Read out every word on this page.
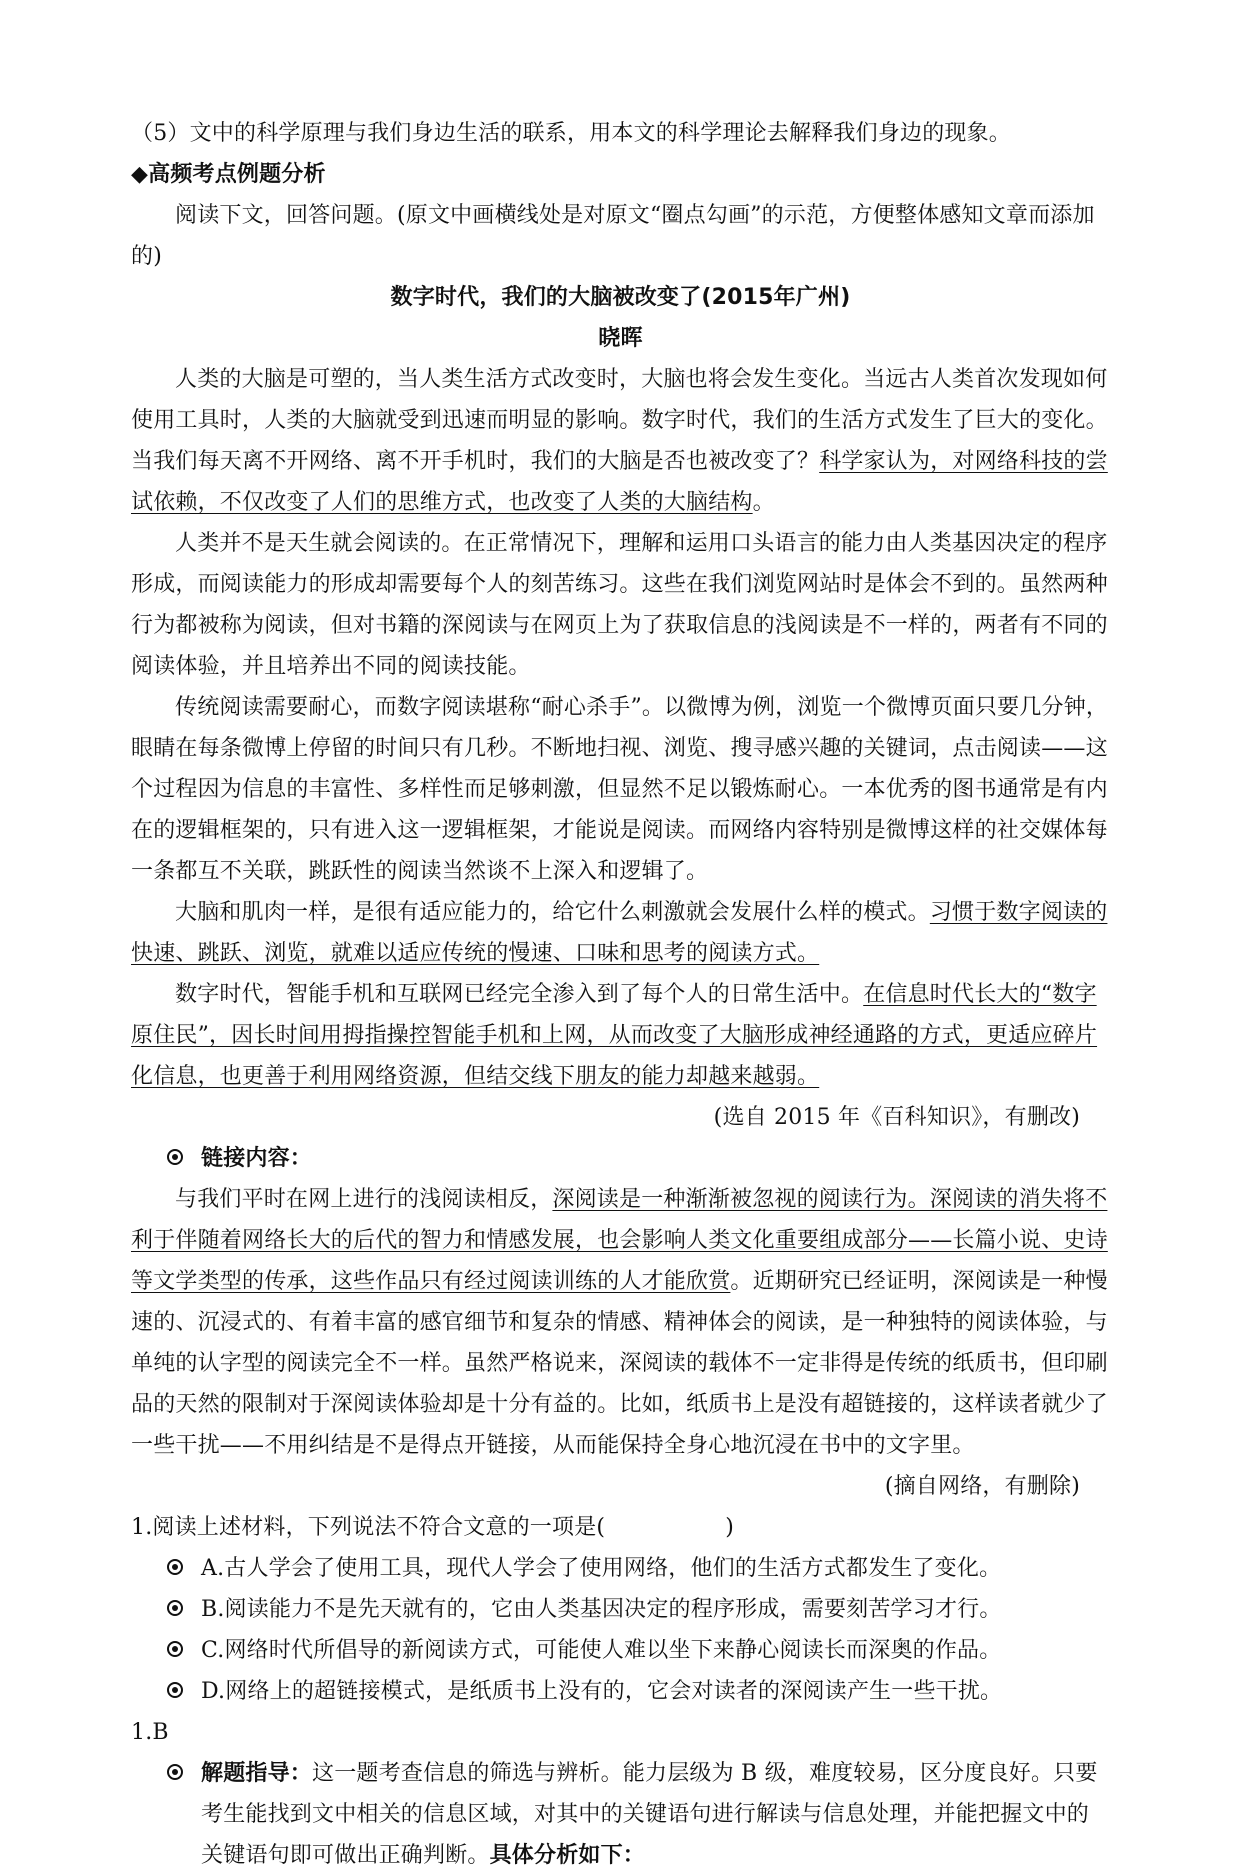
（5）文中的科学原理与我们身边生活的联系，用本文的科学理论去解释我们身边的现象。

◆高频考点例题分析

阅读下文，回答问题。(原文中画横线处是对原文“圈点勾画”的示范，方便整体感知文章而添加的)

数字时代，我们的大脑被改变了(2015年广州)

晓晖

人类的大脑是可塑的，当人类生活方式改变时，大脑也将会发生变化。当远古人类首次发现如何使用工具时，人类的大脑就受到迅速而明显的影响。数字时代，我们的生活方式发生了巨大的变化。当我们每天离不开网络、离不开手机时，我们的大脑是否也被改变了？科学家认为，对网络科技的尝试依赖，不仅改变了人们的思维方式，也改变了人类的大脑结构。

人类并不是天生就会阅读的。在正常情况下，理解和运用口头语言的能力由人类基因决定的程序形成，而阅读能力的形成却需要每个人的刻苦练习。这些在我们浏览网站时是体会不到的。虽然两种行为都被称为阅读，但对书籍的深阅读与在网页上为了获取信息的浅阅读是不一样的，两者有不同的阅读体验，并且培养出不同的阅读技能。

传统阅读需要耐心，而数字阅读堪称“耐心杀手”。以微博为例，浏览一个微博页面只要几分钟，眼睛在每条微博上停留的时间只有几秒。不断地扫视、浏览、搜寻感兴趣的关键词，点击阅读——这个过程因为信息的丰富性、多样性而足够刺激，但显然不足以锻炼耐心。一本优秀的图书通常是有内在的逻辑框架的，只有进入这一逻辑框架，才能说是阅读。而网络内容特别是微博这样的社交媒体每一条都互不关联，跳跃性的阅读当然谈不上深入和逻辑了。

大脑和肌肉一样，是很有适应能力的，给它什么刺激就会发展什么样的模式。习惯于数字阅读的快速、跳跃、浏览，就难以适应传统的慢速、口味和思考的阅读方式。

数字时代，智能手机和互联网已经完全渗入到了每个人的日常生活中。在信息时代长大的“数字原住民”，因长时间用拇指操控智能手机和上网，从而改变了大脑形成神经通路的方式，更适应碎片化信息，也更善于利用网络资源，但结交线下朋友的能力却越来越弱。

(选自 2015 年《百科知识》，有删改)

链接内容：

与我们平时在网上进行的浅阅读相反，深阅读是一种渐渐被忽视的阅读行为。深阅读的消失将不利于伴随着网络长大的后代的智力和情感发展，也会影响人类文化重要组成部分——长篇小说、史诗等文学类型的传承，这些作品只有经过阅读训练的人才能欣赏。近期研究已经证明，深阅读是一种慢速的、沉浸式的、有着丰富的感官细节和复杂的情感、精神体会的阅读，是一种独特的阅读体验，与单纯的认字型的阅读完全不一样。虽然严格说来，深阅读的载体不一定非得是传统的纸质书，但印刷品的天然的限制对于深阅读体验却是十分有益的。比如，纸质书上是没有超链接的，这样读者就少了一些干扰——不用纠结是不是得点开链接，从而能保持全身心地沉浸在书中的文字里。

(摘自网络，有删除)

1.阅读上述材料，下列说法不符合文意的一项是(	)

A.古人学会了使用工具，现代人学会了使用网络，他们的生活方式都发生了变化。

B.阅读能力不是先天就有的，它由人类基因决定的程序形成，需要刻苦学习才行。

C.网络时代所倡导的新阅读方式，可能使人难以坐下来静心阅读长而深奥的作品。

D.网络上的超链接模式，是纸质书上没有的，它会对读者的深阅读产生一些干扰。

1.B

解题指导：这一题考查信息的筛选与辨析。能力层级为 B 级，难度较易，区分度良好。只要考生能找到文中相关的信息区域，对其中的关键语句进行解读与信息处理，并能把握文中的关键语句即可做出正确判断。具体分析如下：
